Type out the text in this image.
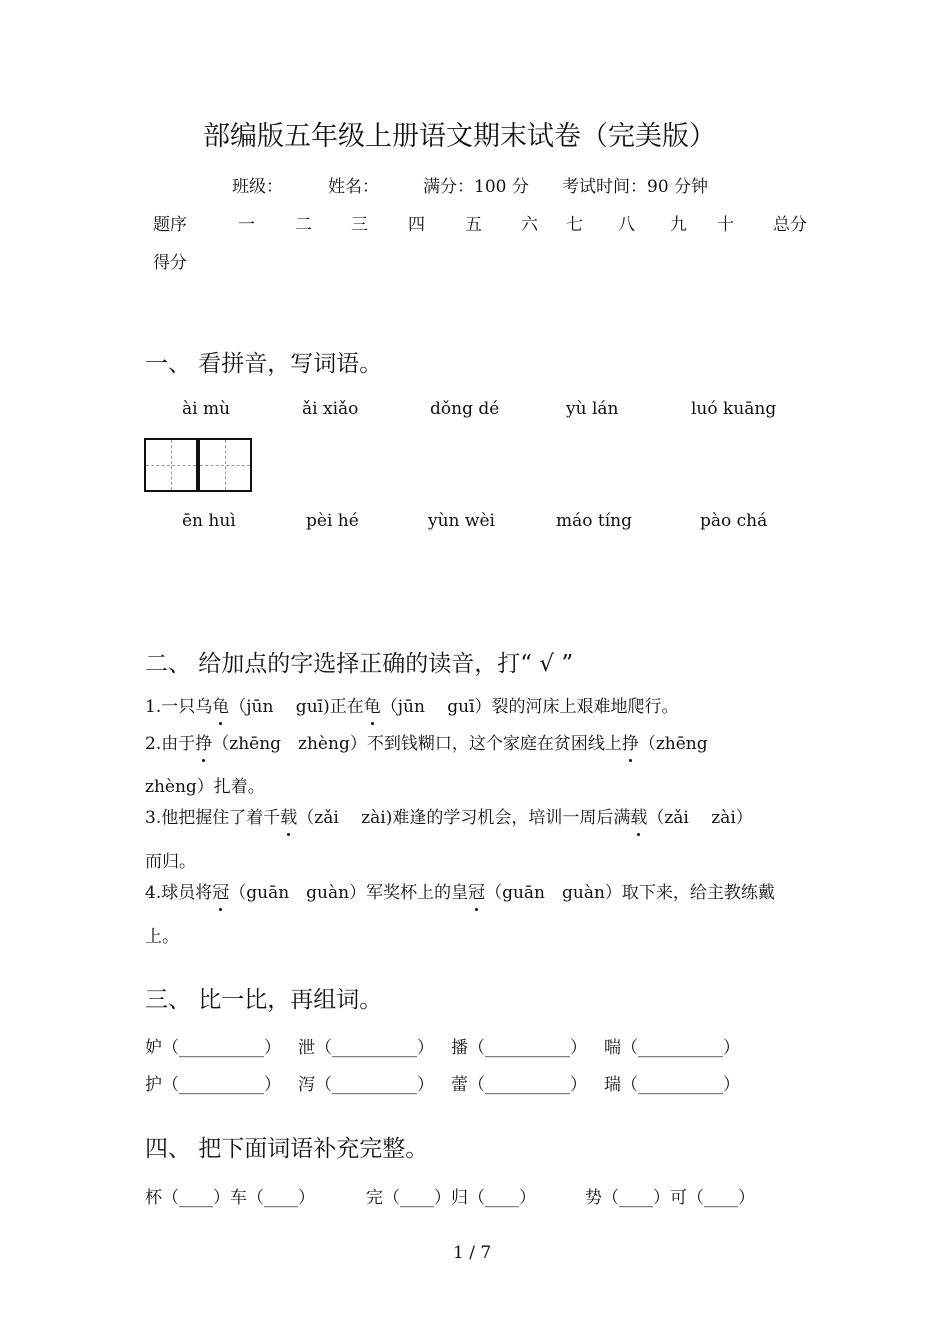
部编版五年级上册语文期末试卷（完美版）
班级：	姓名：	满分：100 分 考试时间：90 分钟
题序	一 二 三 四 五 六 七 八 九 十 总分
得分
一、 看拼音，写词语。
ài mù	ǎi xiǎo	dǒng dé	yù lán	luó kuāng
ēn huì	pèi hé	yùn wèi	máo tíng	pào chá
二、 给加点的字选择正确的读音，打“ √ ”
1.一只乌龟（jūn　 guī)正在龟（jūn　 guī）裂的河床上艰难地爬行。
2.由于挣（zhēng　zhèng）不到钱糊口，这个家庭在贫困线上挣（zhēng
zhèng）扎着。
3.他把握住了着千载（zǎi　 zài)难逢的学习机会，培训一周后满载（zǎi　 zài）
而归。
4.球员将冠（guān　guàn）军奖杯上的皇冠（guān　guàn）取下来，给主教练戴
上。
三、 比一比，再组词。
妒（__________） 泄（__________） 播（__________） 喘（__________）
护（__________） 泻（__________） 蕾（__________） 瑞（__________）
四、 把下面词语补充完整。
杯（____）车（____）	完（____）归（____）	势（____）可（____）
1 / 7
